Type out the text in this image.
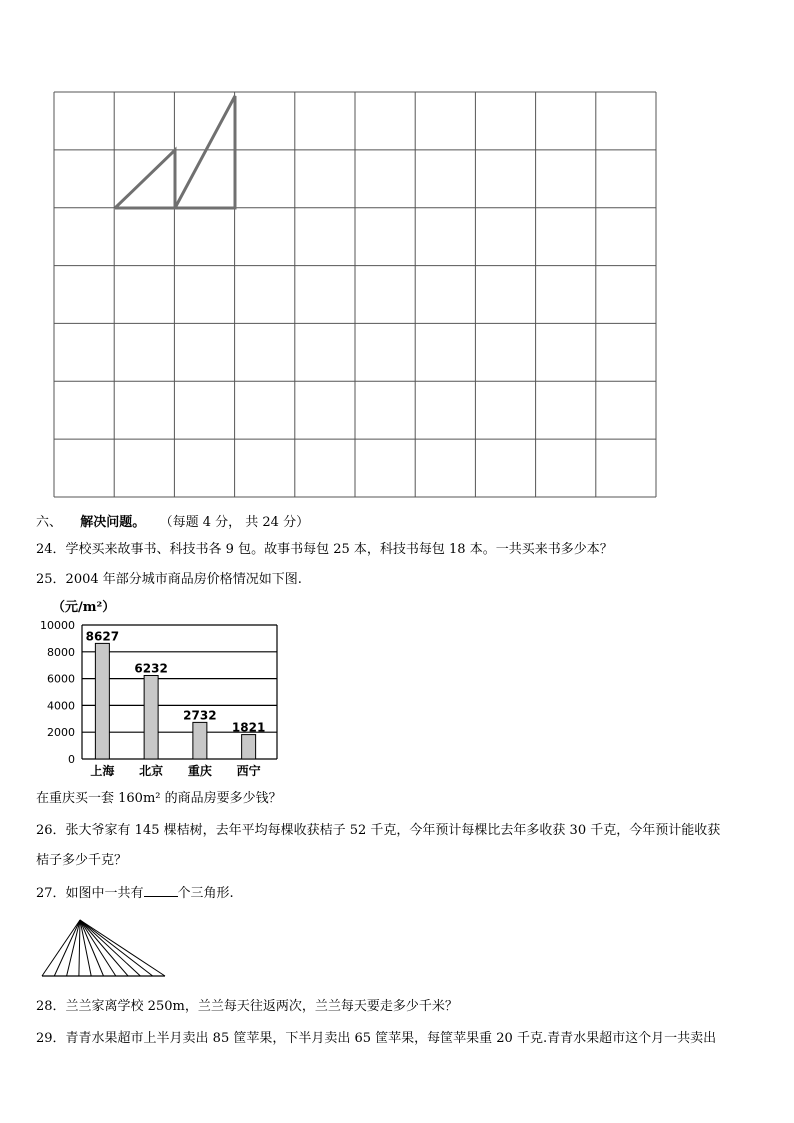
六、 解决问题。 （每题 4 分， 共 24 分）
24．学校买来故事书、科技书各 9 包。故事书每包 25 本，科技书每包 18 本。一共买来书多少本？
25．2004 年部分城市商品房价格情况如下图.
0
2000
4000
6000
8000
10000
8627
6232
2732
1821
上海 北京 重庆 西宁
（元/m²）
在重庆买一套 160m² 的商品房要多少钱？
26．张大爷家有 145 棵桔树，去年平均每棵收获桔子 52 千克，今年预计每棵比去年多收获 30 千克，今年预计能收获
桔子多少千克？
27．如图中一共有	个三角形.
28．兰兰家离学校 250m，兰兰每天往返两次，兰兰每天要走多少千米？
29．青青水果超市上半月卖出 85 筐苹果，下半月卖出 65 筐苹果，每筐苹果重 20 千克.青青水果超市这个月一共卖出
